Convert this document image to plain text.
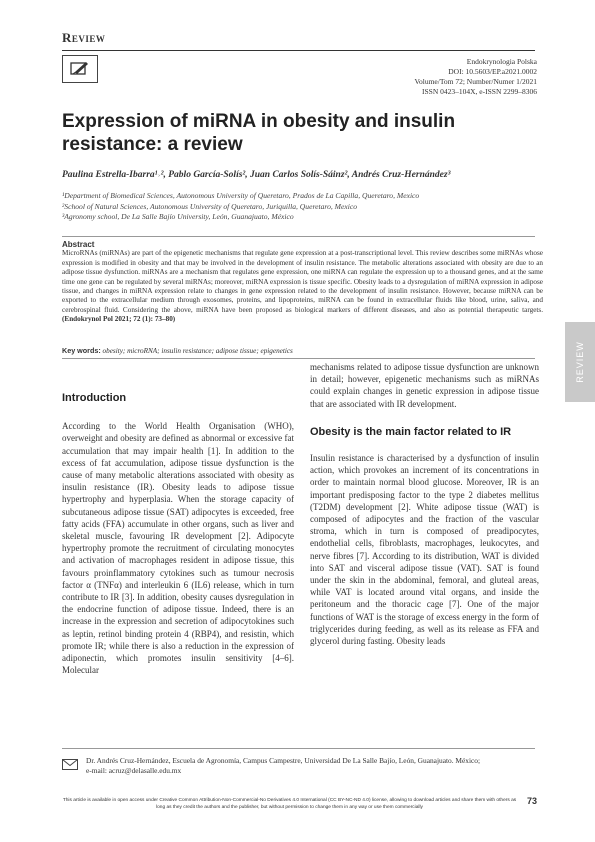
Review
Endokrynologia Polska
DOI: 10.5603/EP.a2021.0002
Volume/Tom 72; Number/Numer 1/2021
ISSN 0423–104X, e-ISSN 2299–8306
Expression of miRNA in obesity and insulin resistance: a review
Paulina Estrella-Ibarra¹˒², Pablo García-Solís², Juan Carlos Solís-Sáinz², Andrés Cruz-Hernández³
¹Department of Biomedical Sciences, Autonomous University of Queretaro, Prados de La Capilla, Queretaro, Mexico
²School of Natural Sciences, Autonomous University of Queretaro, Juriquilla, Queretaro, Mexico
³Agronomy school, De La Salle Bajío University, León, Guanajuato, México
Abstract
MicroRNAs (miRNAs) are part of the epigenetic mechanisms that regulate gene expression at a post-transcriptional level. This review describes some miRNAs whose expression is modified in obesity and that may be involved in the development of insulin resistance. The metabolic alterations associated with obesity are due to an adipose tissue dysfunction. miRNAs are a mechanism that regulates gene expression, one miRNA can regulate the expression up to a thousand genes, and at the same time one gene can be regulated by several miRNAs; moreover, miRNA expression is tissue specific. Obesity leads to a dysregulation of miRNA expression in adipose tissue, and changes in miRNA expression relate to changes in gene expression related to the development of insulin resistance. However, because miRNA can be exported to the extracellular medium through exosomes, proteins, and lipoproteins, miRNA can be found in extracellular fluids like blood, urine, saliva, and cerebrospinal fluid. Considering the above, miRNA have been proposed as biological markers of different diseases, and also as potential therapeutic targets. (Endokrynol Pol 2021; 72 (1): 73–80)
Key words: obesity; microRNA; insulin resistance; adipose tissue; epigenetics	REVIEW
Introduction

According to the World Health Organisation (WHO), overweight and obesity are defined as abnormal or excessive fat accumulation that may impair health [1]. In addition to the excess of fat accumulation, adipose tissue dysfunction is the cause of many metabolic alterations associated with obesity as insulin resistance (IR). Obesity leads to adipose tissue hypertrophy and hyperplasia. When the storage capacity of subcutaneous adipose tissue (SAT) adipocytes is exceeded, free fatty acids (FFA) accumulate in other organs, such as liver and skeletal muscle, favouring IR development [2]. Adipocyte hypertrophy promote the recruitment of circulating monocytes and activation of macrophages resident in adipose tissue, this favours proinflammatory cytokines such as tumour necrosis factor α (TNFα) and interleukin 6 (IL6) release, which in turn contribute to IR [3]. In addition, obesity causes dysregulation in the endocrine function of adipose tissue. Indeed, there is an increase in the expression and secretion of adipocytokines such as leptin, retinol binding protein 4 (RBP4), and resistin, which promote IR; while there is also a reduction in the expression of adiponectin, which promotes insulin sensitivity [4–6]. Molecular

mechanisms related to adipose tissue dysfunction are unknown in detail; however, epigenetic mechanisms such as miRNAs could explain changes in genetic expression in adipose tissue that are associated with IR development.

Obesity is the main factor related to IR

Insulin resistance is characterised by a dysfunction of insulin action, which provokes an increment of its concentrations in order to maintain normal blood glucose. Moreover, IR is an important predisposing factor to the type 2 diabetes mellitus (T2DM) development [2]. White adipose tissue (WAT) is composed of adipocytes and the fraction of the vascular stroma, which in turn is composed of preadipocytes, endothelial cells, fibroblasts, macrophages, leukocytes, and nerve fibres [7]. According to its distribution, WAT is divided into SAT and visceral adipose tissue (VAT). SAT is found under the skin in the abdominal, femoral, and gluteal areas, while VAT is located around vital organs, and inside the peritoneum and the thoracic cage [7]. One of the major functions of WAT is the storage of excess energy in the form of triglycerides during feeding, as well as its release as FFA and glycerol during fasting. Obesity leads

Dr. Andrés Cruz-Hernández, Escuela de Agronomía, Campus Campestre, Universidad De La Salle Bajío, León, Guanajuato. México;
e-mail: acruz@delasalle.edu.mx
This article is available in open access under Creative Common Attribution-Non-Commercial-No Derivatives 4.0 International (CC BY-NC-ND 4.0) license, allowing to download articles and share them with others as long as they credit the authors and the publisher, but without permission to change them in any way or use them commercially
73
